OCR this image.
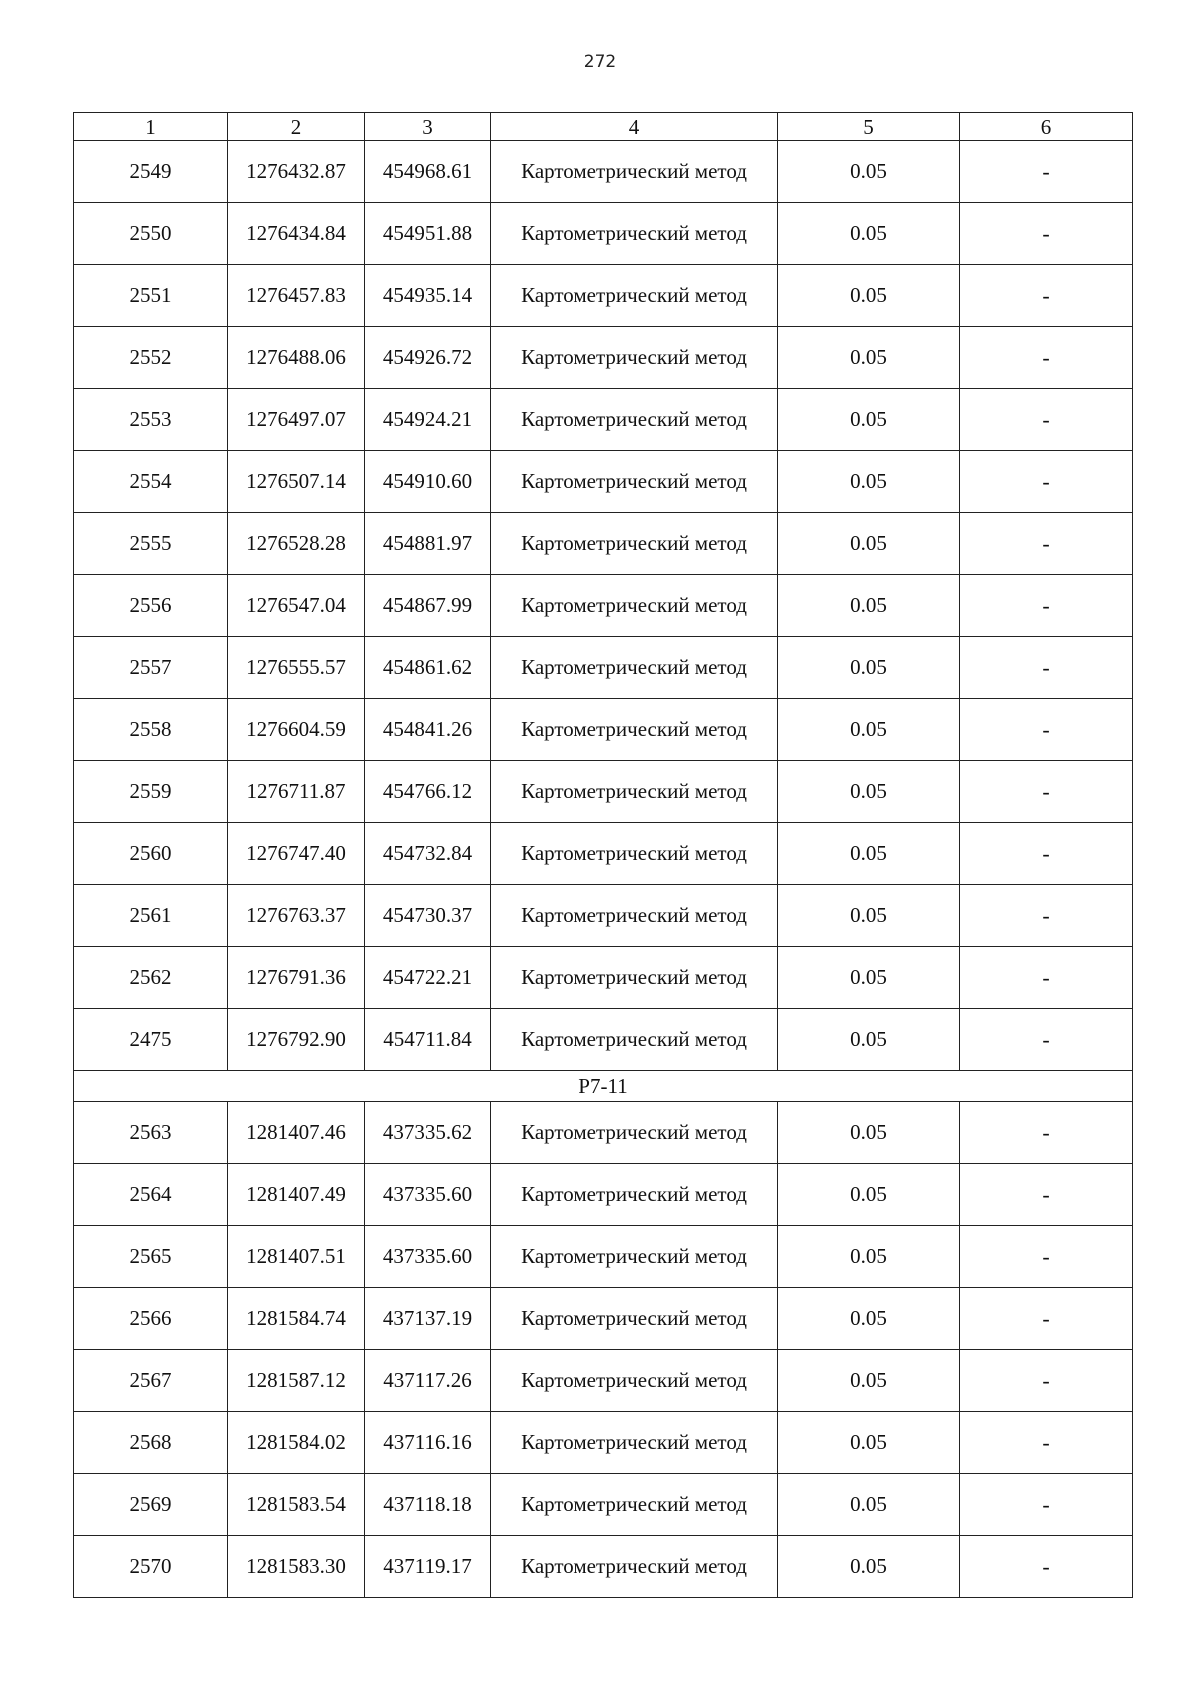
272
1	2	3	4	5	6
2549	1276432.87	454968.61	Картометрический метод	0.05	-
2550	1276434.84	454951.88	Картометрический метод	0.05	-
2551	1276457.83	454935.14	Картометрический метод	0.05	-
2552	1276488.06	454926.72	Картометрический метод	0.05	-
2553	1276497.07	454924.21	Картометрический метод	0.05	-
2554	1276507.14	454910.60	Картометрический метод	0.05	-
2555	1276528.28	454881.97	Картометрический метод	0.05	-
2556	1276547.04	454867.99	Картометрический метод	0.05	-
2557	1276555.57	454861.62	Картометрический метод	0.05	-
2558	1276604.59	454841.26	Картометрический метод	0.05	-
2559	1276711.87	454766.12	Картометрический метод	0.05	-
2560	1276747.40	454732.84	Картометрический метод	0.05	-
2561	1276763.37	454730.37	Картометрический метод	0.05	-
2562	1276791.36	454722.21	Картометрический метод	0.05	-
2475	1276792.90	454711.84	Картометрический метод	0.05	-
Р7-11					
2563	1281407.46	437335.62	Картометрический метод	0.05	-
2564	1281407.49	437335.60	Картометрический метод	0.05	-
2565	1281407.51	437335.60	Картометрический метод	0.05	-
2566	1281584.74	437137.19	Картометрический метод	0.05	-
2567	1281587.12	437117.26	Картометрический метод	0.05	-
2568	1281584.02	437116.16	Картометрический метод	0.05	-
2569	1281583.54	437118.18	Картометрический метод	0.05	-
2570	1281583.30	437119.17	Картометрический метод	0.05	-
